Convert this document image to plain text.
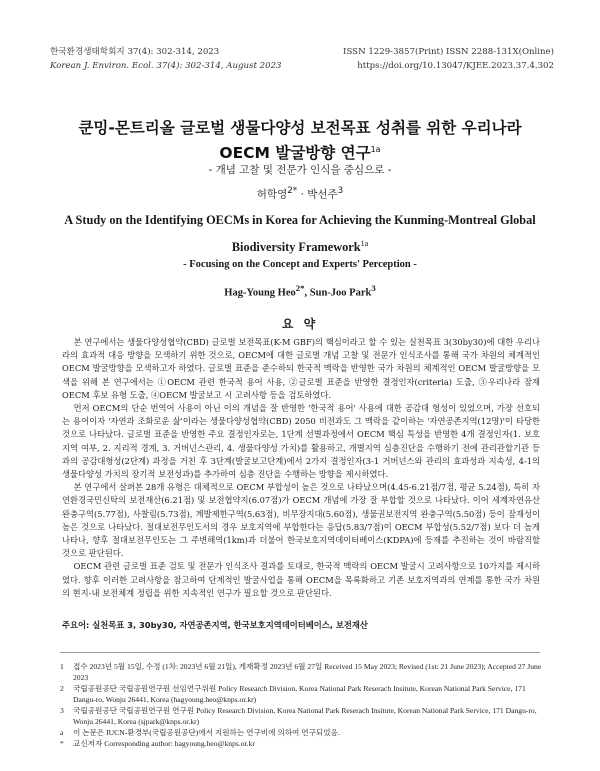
한국환경생태학회지 37(4): 302-314, 2023
Korean J. Environ. Ecol. 37(4): 302-314, August 2023
ISSN 1229-3857(Print) ISSN 2288-131X(Online)
https://doi.org/10.13047/KJEE.2023.37.4.302
쿤밍-몬트리올 글로벌 생물다양성 보전목표 성취를 위한 우리나라 OECM 발굴방향 연구$^{1a}$
- 개념 고찰 및 전문가 인식을 중심으로 -
허학영$^{2*}$ · 박선주$^3$
A Study on the Identifying OECMs in Korea for Achieving the Kunming-Montreal Global Biodiversity Framework$^{1a}$
- Focusing on the Concept and Experts' Perception -
Hag-Young Heo$^{2*}$, Sun-Joo Park$^3$
요 약

본 연구에서는 생물다양성협약(CBD) 글로벌 보전목표(K-M GBF)의 핵심이라고 할 수 있는 실천목표 3(30by30)에 대한 우리나라의 효과적 대응 방향을 모색하기 위한 것으로, OECM에 대한 글로벌 개념 고찰 및 전문가 인식조사를 통해 국가 차원의 체계적인 OECM 발굴방향을 모색하고자 하였다. 글로벌 표준을 준수하되 한국적 맥락을 반영한 국가 차원의 체계적인 OECM 발굴방향을 모색을 위해 본 연구에서는 ①OECM 관련 한국적 용어 사용, ②글로벌 표준을 반영한 결정인자(criteria) 도출, ③우리나라 잠재 OECM 후보 유형 도출, ④OECM 발굴보고 시 고려사항 등을 검토하였다.

먼저 OECM의 단순 번역어 사용이 아닌 이의 개념을 잘 반영한 '한국적 용어' 사용에 대한 공감대 형성이 있었으며, 가장 선호되는 용어이자 '자연과 조화로운 삶'이라는 생물다양성협약(CBD) 2050 비전과도 그 맥락을 같이하는 '자연공존지역(12명)'이 타당한 것으로 나타났다. 글로벌 표준을 반영한 주요 결정인자로는, 1단계 선별과정에서 OECM 핵심 특성을 반영한 4개 결정인자(1. 보호지역 여부, 2. 지리적 경계, 3. 거버넌스관리, 4. 생물다양성 가치)를 활용하고, 개별지역 심층진단을 수행하기 전에 관리관할기관 등과의 공감대형성(2단계) 과정을 거친 후 3단계(발굴보고단계)에서 2가지 결정인자(3-1 거버넌스와 관리의 효과성과 지속성, 4-1의 생물다양성 가치의 장기적 보전성과)를 추가하여 심층 진단을 수행하는 방향을 제시하였다.

본 연구에서 살펴본 28개 유형은 대체적으로 OECM 부합성이 높은 것으로 나타났으며(4.45-6.21점/7점, 평균 5.24점), 특히 자연환경국민신탁의 보전재산(6.21점) 및 보전협약지(6.07점)가 OECM 개념에 가장 잘 부합할 것으로 나타났다. 이어 세계자연유산 완충구역(5.77점), 사찰림(5.73점), 계발제한구역(5.63점), 비무장지대(5.60점), 생물권보전지역 완충구역(5.50점) 등이 잠재성이 높은 것으로 나타났다. 절대보전무인도서의 경우 보호지역에 부합한다는 응답(5.83/7점)이 OECM 부합성(5.52/7점) 보다 더 높게 나타나, 향후 절대보전무인도는 그 주변해역(1km)과 더불어 한국보호지역데이터베이스(KDPA)에 등재를 추진하는 것이 바람직할 것으로 판단된다.

OECM 관련 글로벌 표준 검토 및 전문가 인식조사 결과를 토대로, 한국적 맥락의 OECM 발굴시 고려사항으로 10가지를 제시하였다. 향후 이러한 고려사항을 참고하여 단계적인 발굴사업을 통해 OECM을 목록화하고 기존 보호지역과의 연계를 통한 국가 차원의 현지-내 보전체계 정립을 위한 지속적인 연구가 필요할 것으로 판단된다.

주요어: 실천목표 3, 30by30, 자연공존지역, 한국보호지역데이터베이스, 보전재산
1	접수 2023년 5월 15일, 수정 (1차: 2023년 6월 21일), 게재확정 2023년 6월 27일 Received 15 May 2023; Revised (1st: 21 June 2023); Accepted 27 June 2023
2	국립공원공단 국립공원연구원 선임연구위원 Policy Research Division, Korea National Park Reserach Insitute, Korean National Park Service, 171 Dangu-ro, Wonju 26441, Korea (hagyoung.heo@knps.or.kr)
3	국립공원공단 국립공원연구원 연구원 Policy Research Division, Korea National Park Reserach Insitute, Korean National Park Service, 171 Dangu-ro, Wonju 26441, Korea (sjpark@knps.or.kr)
a	이 논문은 IUCN-환경부(국립공원공단)에서 지원하는 연구비에 의하여 연구되었음.
*	교신저자 Corresponding author: hagyoung.heo@knps.or.kr
